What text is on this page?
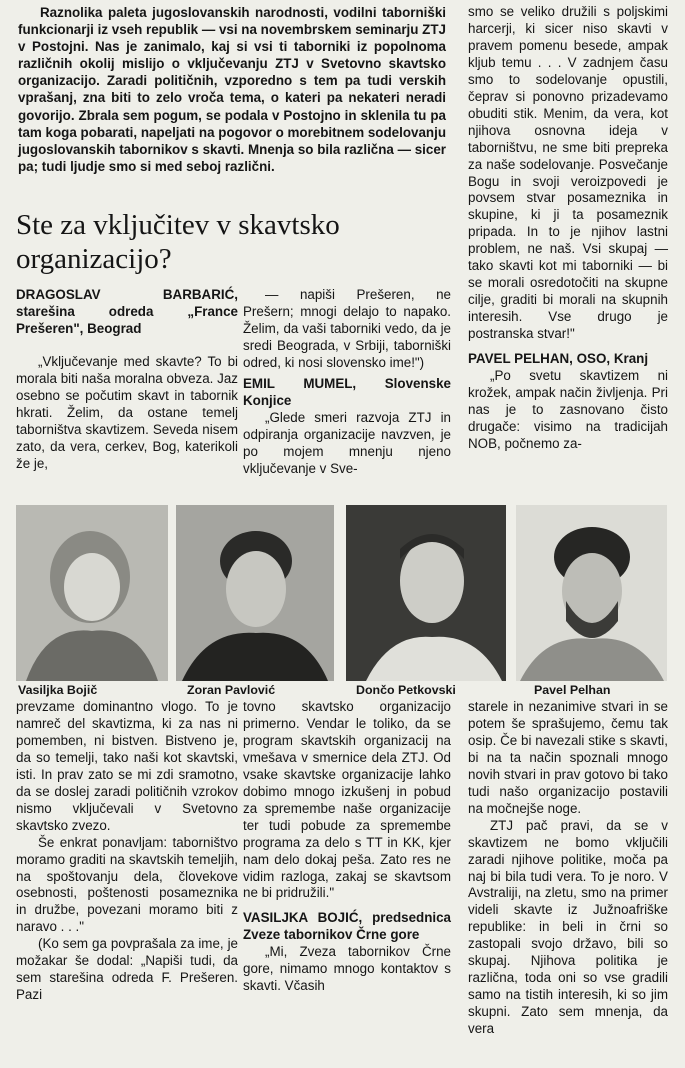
Raznolika paleta jugoslovanskih narodnosti, vodilni taborniški funkcionarji iz vseh republik — vsi na novembrskem seminarju ZTJ v Postojni. Nas je zanimalo, kaj si vsi ti taborniki iz popolnoma različnih okolij mislijo o vključevanju ZTJ v Svetovno skavtsko organizacijo. Zaradi političnih, vzporedno s tem pa tudi verskih vprašanj, zna biti to zelo vroča tema, o kateri pa nekateri neradi govorijo. Zbrala sem pogum, se podala v Postojno in sklenila tu pa tam koga pobarati, napeljati na pogovor o morebitnem sodelovanju jugoslovanskih tabornikov s skavti. Mnenja so bila različna — sicer pa; tudi ljudje smo si med seboj različni.
Ste za vključitev v skavtsko organizacijo?

DRAGOSLAV BARBARIĆ, starešina odreda „France Prešeren", Beograd

„Vključevanje med skavte? To bi morala biti naša moralna obveza. Jaz osebno se počutim skavt in tabornik hkrati. Želim, da ostane temelj taborništva skavtizem. Seveda nisem zato, da vera, cerkev, Bog, katerikoli že je,

— napiši Prešeren, ne Prešern; mnogi delajo to napako. Želim, da vaši taborniki vedo, da je sredi Beograda, v Srbiji, taborniški odred, ki nosi slovensko ime!")

EMIL MUMEL, Slovenske Konjice

„Glede smeri razvoja ZTJ in odpiranja organizacije navzven, je po mojem mnenju njeno vključevanje v Sve-

smo se veliko družili s poljskimi harcerji, ki sicer niso skavti v pravem pomenu besede, ampak kljub temu . . . V zadnjem času smo to sodelovanje opustili, čeprav si ponovno prizadevamo obuditi stik. Menim, da vera, kot njihova osnovna ideja v taborništvu, ne sme biti prepreka za naše sodelovanje. Posvečanje Bogu in svoji veroizpovedi je povsem stvar posameznika in skupine, ki ji ta posameznik pripada. In to je njihov lastni problem, ne naš. Vsi skupaj — tako skavti kot mi taborniki — bi se morali osredotočiti na skupne cilje, graditi bi morali na skupnih interesih. Vse drugo je postranska stvar!"

PAVEL PELHAN, OSO, Kranj

„Po svetu skavtizem ni krožek, ampak način življenja. Pri nas je to zasnovano čisto drugače: visimo na tradicijah NOB, počnemo za-

Vasiljka Bojič	Zoran Pavlović	Dončo Petkovski	Pavel Pelhan

prevzame dominantno vlogo. To je namreč del skavtizma, ki za nas ni pomemben, ni bistven. Bistveno je, da so temelji, tako naši kot skavtski, isti. In prav zato se mi zdi sramotno, da se doslej zaradi političnih vzrokov nismo vključevali v Svetovno skavtsko zvezo.

Še enkrat ponavljam: taborništvo moramo graditi na skavtskih temeljih, na spoštovanju dela, človekove osebnosti, poštenosti posameznika in družbe, povezani moramo biti z naravo . . ."

(Ko sem ga povprašala za ime, je možakar še dodal: „Napiši tudi, da sem starešina odreda F. Prešeren. Pazi

tovno skavtsko organizacijo primerno. Vendar le toliko, da se program skavtskih organizacij na vmešava v smernice dela ZTJ. Od vsake skavtske organizacije lahko dobimo mnogo izkušenj in pobud za spremembe naše organizacije ter tudi pobude za spremembe programa za delo s TT in KK, kjer nam delo dokaj peša. Zato res ne vidim razloga, zakaj se skavtsom ne bi pridružili."

VASILJKA BOJIĆ, predsednica Zveze tabornikov Črne gore

„Mi, Zveza tabornikov Črne gore, nimamo mnogo kontaktov s skavti. Včasih

starele in nezanimive stvari in se potem še sprašujemo, čemu tak osip. Če bi navezali stike s skavti, bi na ta način spoznali mnogo novih stvari in prav gotovo bi tako tudi našo organizacijo postavili na močnejše noge.

ZTJ pač pravi, da se v skavtizem ne bomo vključili zaradi njihove politike, moča pa naj bi bila tudi vera. To je noro. V Avstraliji, na zletu, smo na primer videli skavte iz Južnoafriške republike: in beli in črni so zastopali svojo državo, bili so skupaj. Njihova politika je različna, toda oni so vse gradili samo na tistih interesih, ki so jim skupni. Zato sem mnenja, da vera
